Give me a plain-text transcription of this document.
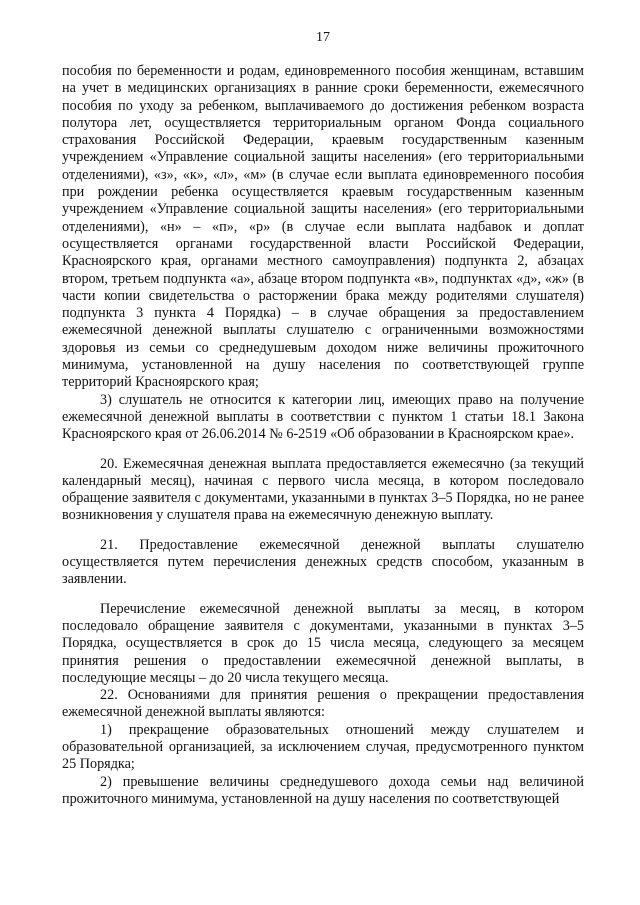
17

пособия по беременности и родам, единовременного пособия женщинам, вставшим на учет в медицинских организациях в ранние сроки беременности, ежемесячного пособия по уходу за ребенком, выплачиваемого до достижения ребенком возраста полутора лет, осуществляется территориальным органом Фонда социального страхования Российской Федерации, краевым государственным казенным учреждением «Управление социальной защиты населения» (его территориальными отделениями), «з», «к», «л», «м» (в случае если выплата единовременного пособия при рождении ребенка осуществляется краевым государственным казенным учреждением «Управление социальной защиты населения» (его территориальными отделениями), «н» – «п», «р» (в случае если выплата надбавок и доплат осуществляется органами государственной власти Российской Федерации, Красноярского края, органами местного самоуправления) подпункта 2, абзацах втором, третьем подпункта «а», абзаце втором подпункта «в», подпунктах «д», «ж» (в части копии свидетельства о расторжении брака между родителями слушателя) подпункта 3 пункта 4 Порядка) – в случае обращения за предоставлением ежемесячной денежной выплаты слушателю с ограниченными возможностями здоровья из семьи со среднедушевым доходом ниже величины прожиточного минимума, установленной на душу населения по соответствующей группе территорий Красноярского края;

3) слушатель не относится к категории лиц, имеющих право на получение ежемесячной денежной выплаты в соответствии с пунктом 1 статьи 18.1 Закона Красноярского края от 26.06.2014 № 6-2519 «Об образовании в Красноярском крае».

20. Ежемесячная денежная выплата предоставляется ежемесячно (за текущий календарный месяц), начиная с первого числа месяца, в котором последовало обращение заявителя с документами, указанными в пунктах 3–5 Порядка, но не ранее возникновения у слушателя права на ежемесячную денежную выплату.

21. Предоставление ежемесячной денежной выплаты слушателю осуществляется путем перечисления денежных средств способом, указанным в заявлении.

Перечисление ежемесячной денежной выплаты за месяц, в котором последовало обращение заявителя с документами, указанными в пунктах 3–5 Порядка, осуществляется в срок до 15 числа месяца, следующего за месяцем принятия решения о предоставлении ежемесячной денежной выплаты, в последующие месяцы – до 20 числа текущего месяца.

22. Основаниями для принятия решения о прекращении предоставления ежемесячной денежной выплаты являются:

1) прекращение образовательных отношений между слушателем и образовательной организацией, за исключением случая, предусмотренного пунктом 25 Порядка;

2) превышение величины среднедушевого дохода семьи над величиной прожиточного минимума, установленной на душу населения по соответствующей
